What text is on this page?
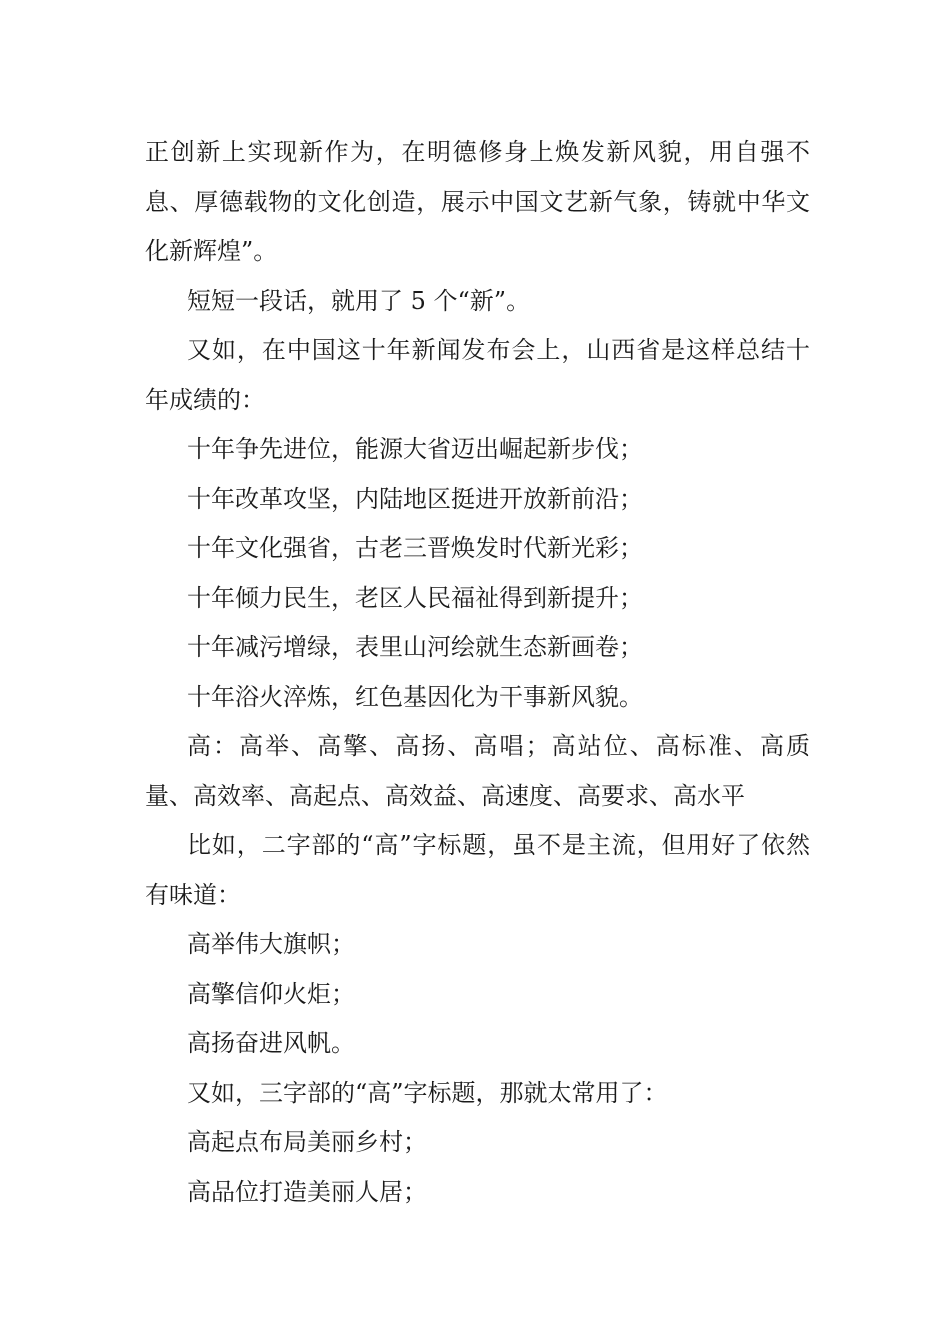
正创新上实现新作为，在明德修身上焕发新风貌，用自强不息、厚德载物的文化创造，展示中国文艺新气象，铸就中华文化新辉煌”。

短短一段话，就用了 5 个“新”。

又如，在中国这十年新闻发布会上，山西省是这样总结十年成绩的：

十年争先进位，能源大省迈出崛起新步伐；

十年改革攻坚，内陆地区挺进开放新前沿；

十年文化强省，古老三晋焕发时代新光彩；

十年倾力民生，老区人民福祉得到新提升；

十年减污增绿，表里山河绘就生态新画卷；

十年浴火淬炼，红色基因化为干事新风貌。

高：高举、高擎、高扬、高唱；高站位、高标准、高质量、高效率、高起点、高效益、高速度、高要求、高水平

比如，二字部的“高”字标题，虽不是主流，但用好了依然有味道：

高举伟大旗帜；

高擎信仰火炬；

高扬奋进风帆。

又如，三字部的“高”字标题，那就太常用了：

高起点布局美丽乡村；

高品位打造美丽人居；
